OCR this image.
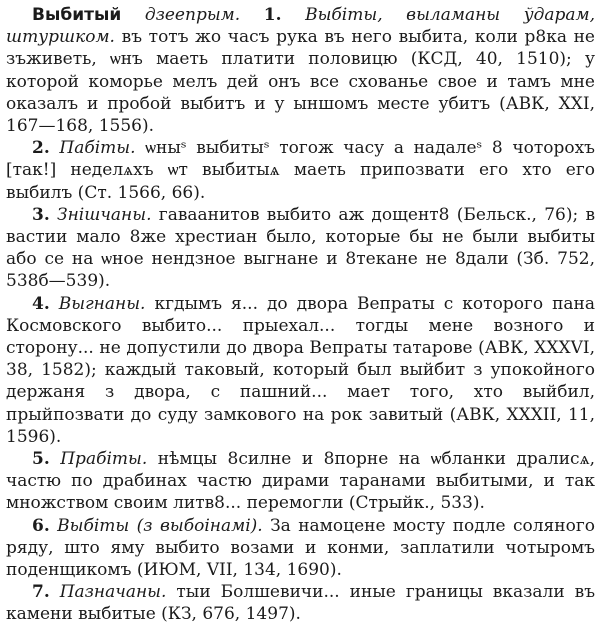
Выбитый дзеепрым. 1. Выбіты, выламаны ўдарам, штуршком. въ тотъ жо часъ рука въ него выбита, коли р8ка не зъживеть, ѡнъ маеть платити половицю (КСД, 40, 1510); у которой коморье мелъ дей онъ все схованье свое и тамъ мне оказалъ и пробой выбитъ и у ыншомъ месте убитъ (АВК, XXI, 167—168, 1556).

2. Пабіты. ѡныˢ выбитыˢ тогож часу а надалеˢ 8 чоторохъ [так!] неделѧхъ ѡт выбитыѧ маеть припозвати его хто его выбилъ (Ст. 1566, 66).

3. Знішчаны. гаваанитов выбито аж дощент8 (Бельск., 76); в вастии мало 8же хрестиан было, которые бы не были выбиты або се на ѡное нeндзное выгнане и 8текане не 8дали (Зб. 752, 538б—539).

4. Выгнаны. кгдымъ я... до двора Вепраты с которого пана Космовского выбито... прыехал... тогды мене возного и сторону... не допустили до двора Вепраты татарове (АВК, XXXVI, 38, 1582); каждый таковый, который был выйбит з упокойного держаня з двора, с пашний... мает того, хто выйбил, прыйпозвати до суду замкового на рок завитый (АВК, XXXII, 11, 1596).

5. Прабіты. нѣмцы 8силне и 8порне на ѡбланки дралисѧ, частю по драбинах частю дирами таранами выбитыми, и так множством своим литв8... перемогли (Стрыйк., 533).

6. Выбіты (з выбоінамі). За намоцене мосту подле соляного ряду, што яму выбито возами и конми, заплатили чотыромъ поденщикомъ (ИЮМ, VII, 134, 1690).

7. Пазначаны. тыи Болшевичи... иные границы вказали въ камени выбитые (КЗ, 676, 1497).
